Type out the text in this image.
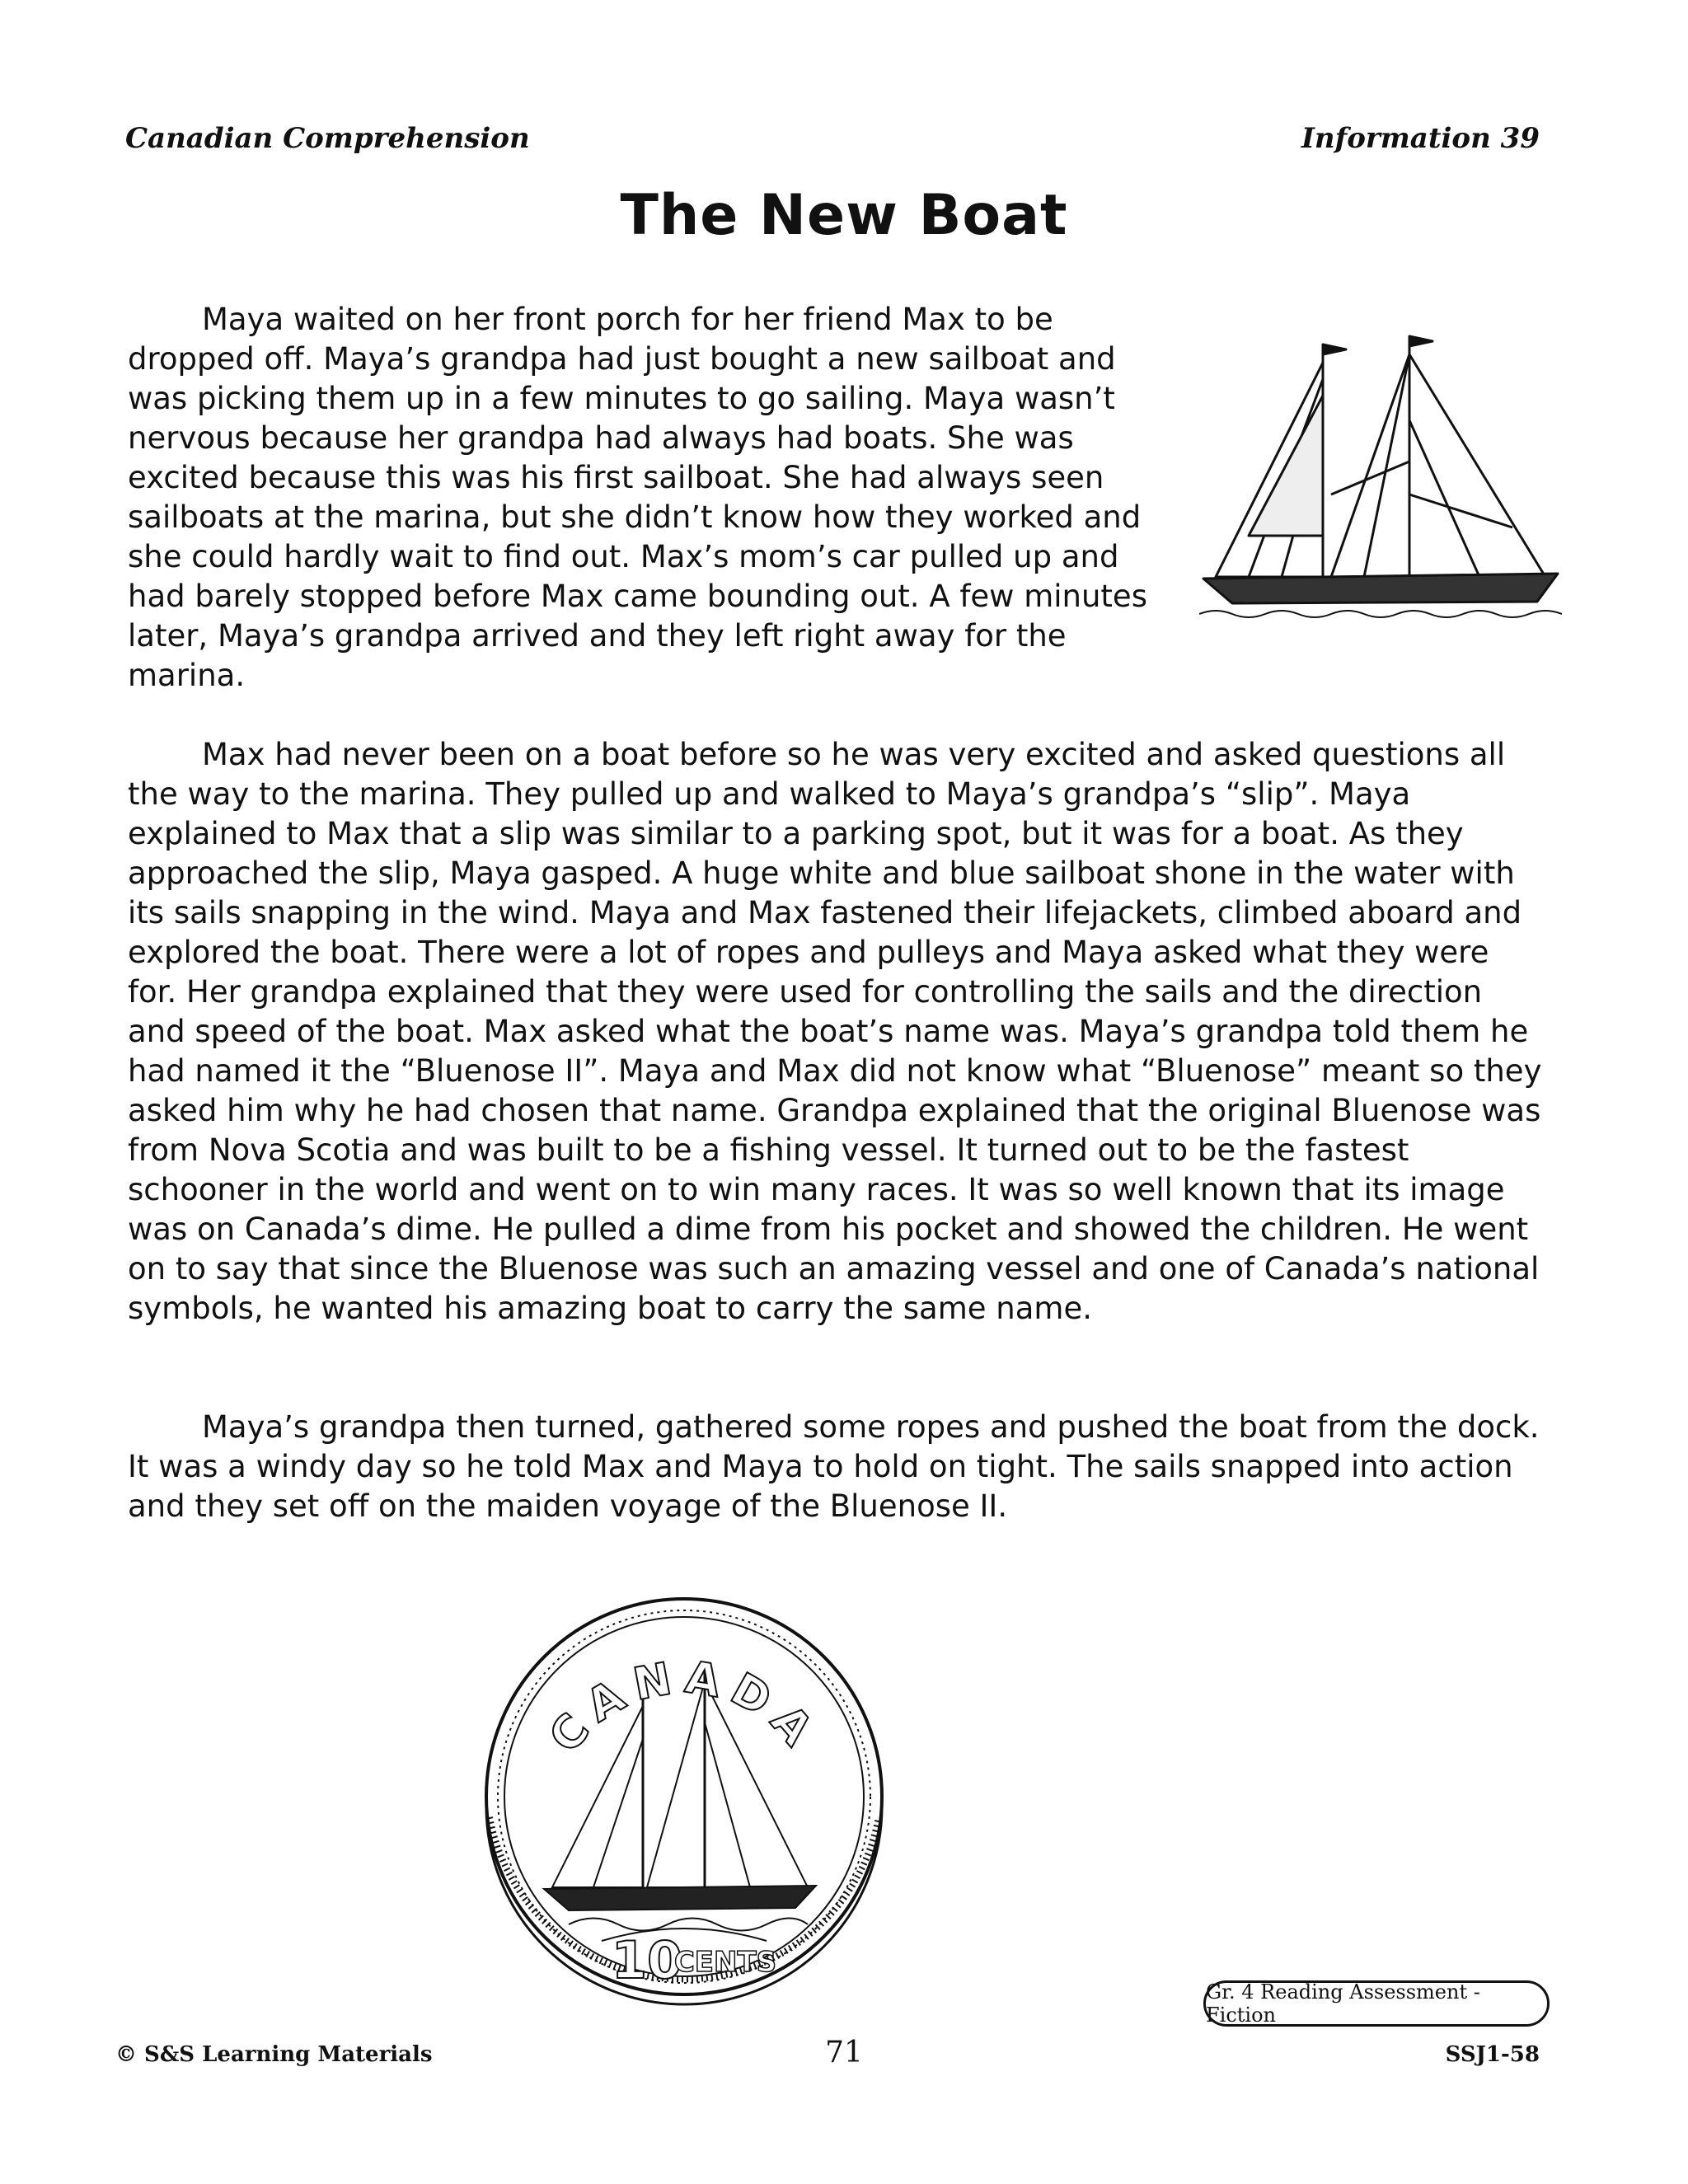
Canadian Comprehension	Information 39
The New Boat

Maya waited on her front porch for her friend Max to be dropped off. Maya’s grandpa had just bought a new sailboat and was picking them up in a few minutes to go sailing. Maya wasn’t nervous because her grandpa had always had boats. She was excited because this was his first sailboat. She had always seen sailboats at the marina, but she didn’t know how they worked and she could hardly wait to find out. Max’s mom’s car pulled up and had barely stopped before Max came bounding out. A few minutes later, Maya’s grandpa arrived and they left right away for the marina.

Max had never been on a boat before so he was very excited and asked questions all the way to the marina. They pulled up and walked to Maya’s grandpa’s “slip”. Maya explained to Max that a slip was similar to a parking spot, but it was for a boat. As they approached the slip, Maya gasped. A huge white and blue sailboat shone in the water with its sails snapping in the wind. Maya and Max fastened their lifejackets, climbed aboard and explored the boat. There were a lot of ropes and pulleys and Maya asked what they were for. Her grandpa explained that they were used for controlling the sails and the direction and speed of the boat. Max asked what the boat’s name was. Maya’s grandpa told them he had named it the “Bluenose II”. Maya and Max did not know what “Bluenose” meant so they asked him why he had chosen that name. Grandpa explained that the original Bluenose was from Nova Scotia and was built to be a fishing vessel. It turned out to be the fastest schooner in the world and went on to win many races. It was so well known that its image was on Canada’s dime. He pulled a dime from his pocket and showed the children. He went on to say that since the Bluenose was such an amazing vessel and one of Canada’s national symbols, he wanted his amazing boat to carry the same name.

Maya’s grandpa then turned, gathered some ropes and pushed the boat from the dock. It was a windy day so he told Max and Maya to hold on tight. The sails snapped into action and they set off on the maiden voyage of the Bluenose II.

CANADA
10
CENTS
Gr. 4 Reading Assessment - Fiction
© S&S Learning Materials	71	SSJ1-58
